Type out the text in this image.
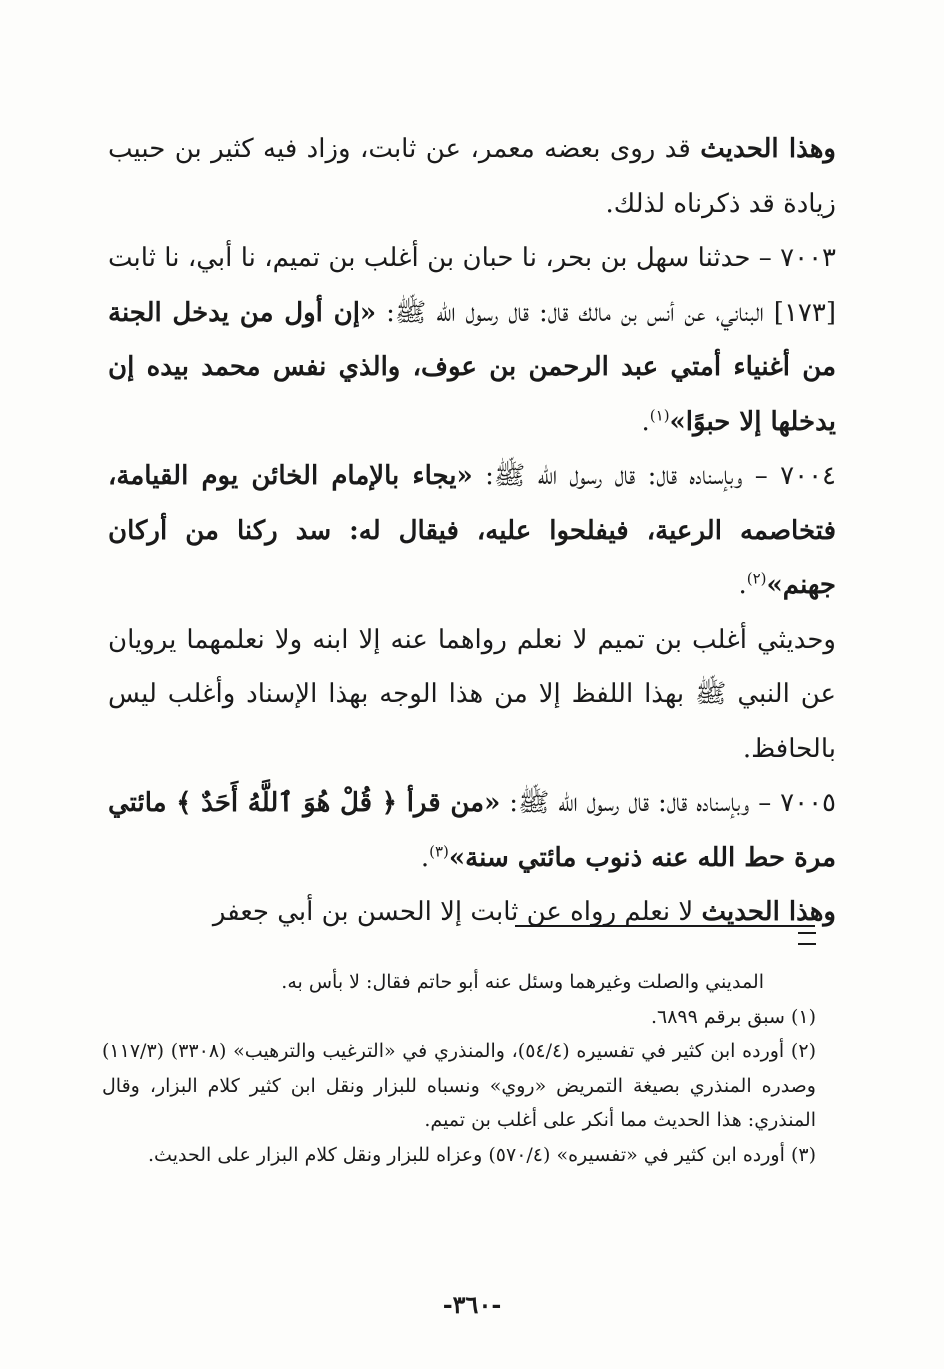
وهذا الحديث قد روى بعضه معمر، عن ثابت، وزاد فيه كثير بن حبيب زيادة قد ذكرناه لذلك.

٧٠٠٣ – حدثنا سهل بن بحر، نا حبان بن أغلب بن تميم، نا أبي، نا ثابت [١٧٣] البناني، عن أنس بن مالك قال: قال رسول الله ﷺ: «إن أول من يدخل الجنة من أغنياء أمتي عبد الرحمن بن عوف، والذي نفس محمد بيده إن يدخلها إلا حبوًا»$^{(١)}$.

٧٠٠٤ – وبإسناده قال: قال رسول الله ﷺ: «يجاء بالإمام الخائن يوم القيامة، فتخاصمه الرعية، فيفلحوا عليه، فيقال له: سد ركنا من أركان جهنم»$^{(٢)}$.

وحديثي أغلب بن تميم لا نعلم رواهما عنه إلا ابنه ولا نعلمهما يرويان عن النبي ﷺ بهذا اللفظ إلا من هذا الوجه بهذا الإسناد وأغلب ليس بالحافظ.

٧٠٠٥ – وبإسناده قال: قال رسول الله ﷺ: «من قرأ ﴿ قُلْ هُوَ ٱللَّهُ أَحَدٌ ﴾ مائتي مرة حط الله عنه ذنوب مائتي سنة»$^{(٣)}$.

وهذا الحديث لا نعلم رواه عن ثابت إلا الحسن بن أبي جعفر

المديني والصلت وغيرهما وسئل عنه أبو حاتم فقال: لا بأس به.

(١) سبق برقم ٦٨٩٩.

(٢) أورده ابن كثير في تفسيره (٥٤/٤)، والمنذري في «الترغيب والترهيب» (٣٣٠٨) (١١٧/٣) وصدره المنذري بصيغة التمريض «روي» ونسباه للبزار ونقل ابن كثير كلام البزار، وقال المنذري: هذا الحديث مما أنكر على أغلب بن تميم.

(٣) أورده ابن كثير في «تفسيره» (٥٧٠/٤) وعزاه للبزار ونقل كلام البزار على الحديث.

-٣٦٠-
